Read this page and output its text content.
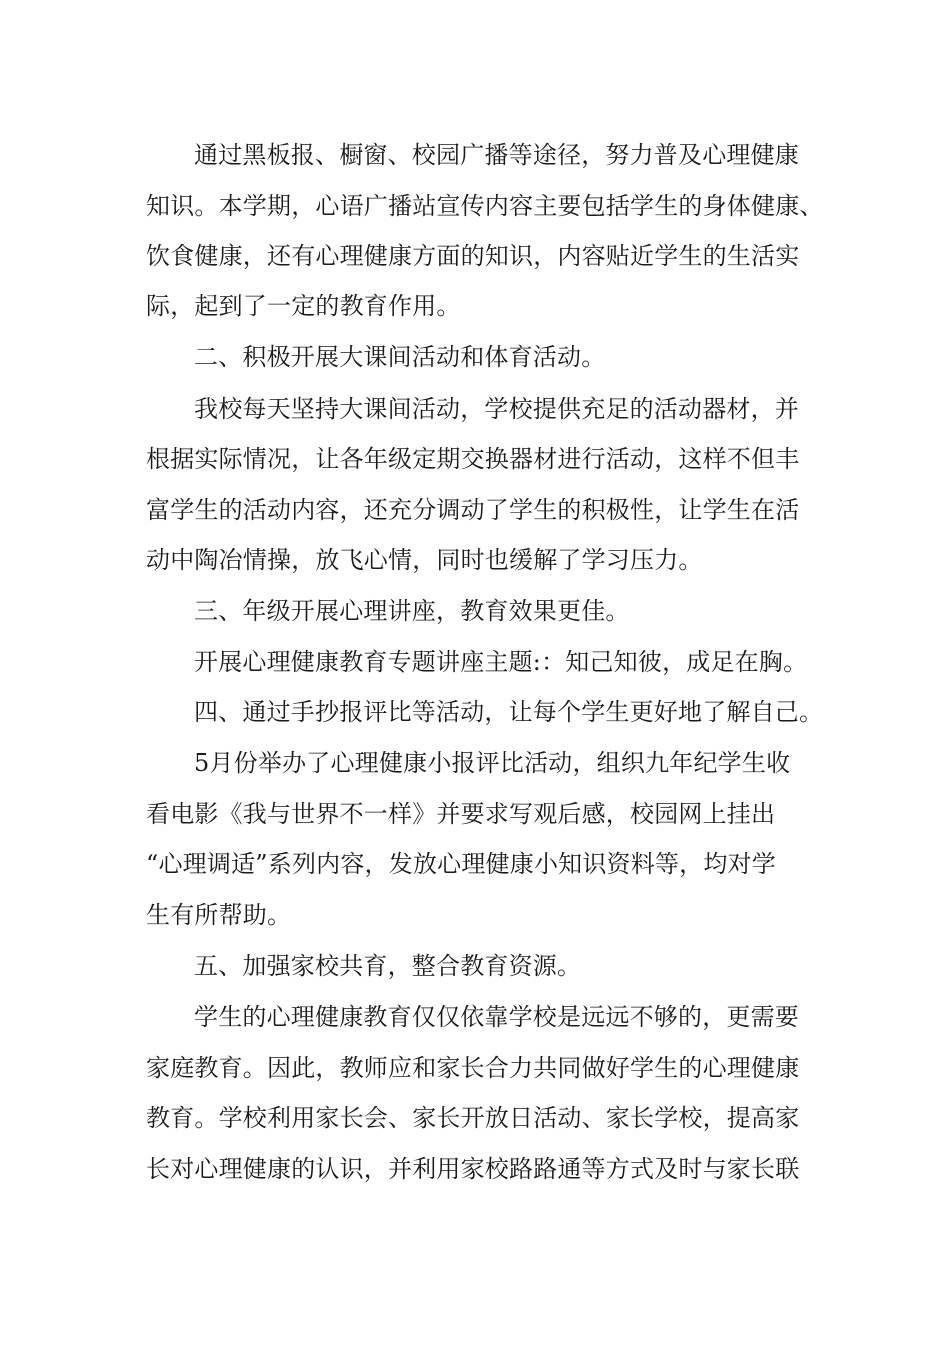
通过黑板报、橱窗、校园广播等途径，努力普及心理健康

知识。本学期，心语广播站宣传内容主要包括学生的身体健康、

饮食健康，还有心理健康方面的知识，内容贴近学生的生活实

际，起到了一定的教育作用。

二、积极开展大课间活动和体育活动。

我校每天坚持大课间活动，学校提供充足的活动器材，并

根据实际情况，让各年级定期交换器材进行活动，这样不但丰

富学生的活动内容，还充分调动了学生的积极性，让学生在活

动中陶冶情操，放飞心情，同时也缓解了学习压力。

三、年级开展心理讲座，教育效果更佳。

开展心理健康教育专题讲座主题:：知己知彼，成足在胸。

四、通过手抄报评比等活动，让每个学生更好地了解自己。

5月份举办了心理健康小报评比活动，组织九年纪学生收

看电影《我与世界不一样》并要求写观后感，校园网上挂出

“心理调适”系列内容，发放心理健康小知识资料等，均对学

生有所帮助。

五、加强家校共育，整合教育资源。

学生的心理健康教育仅仅依靠学校是远远不够的，更需要

家庭教育。因此，教师应和家长合力共同做好学生的心理健康

教育。学校利用家长会、家长开放日活动、家长学校，提高家

长对心理健康的认识，并利用家校路路通等方式及时与家长联
